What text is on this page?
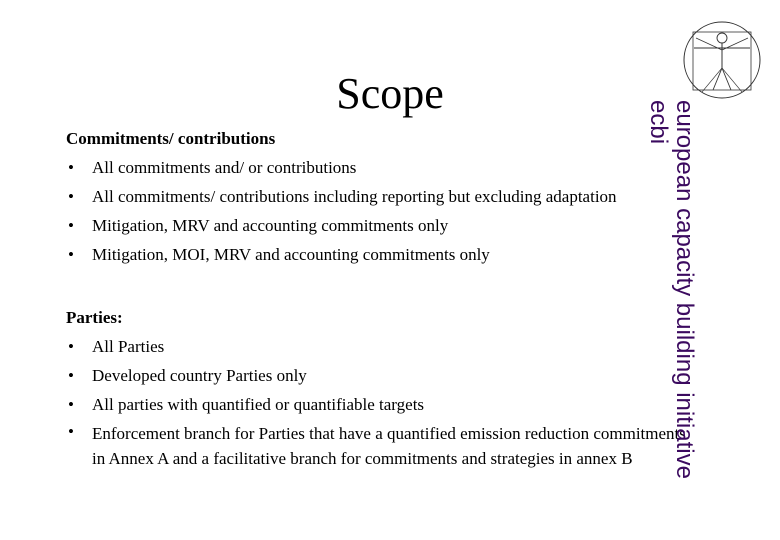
Scope

Commitments/ contributions

• All commitments and/ or contributions
• All commitments/ contributions including reporting but excluding adaptation
• Mitigation, MRV and accounting commitments only
• Mitigation, MOI, MRV and accounting commitments only

Parties:

• All Parties
• Developed country Parties only
• All parties with quantified or quantifiable targets
• Enforcement branch for Parties that have a quantified emission reduction commitments in Annex A and a facilitative branch for commitments and strategies in annex B	european capacity building initiative
ecbi
